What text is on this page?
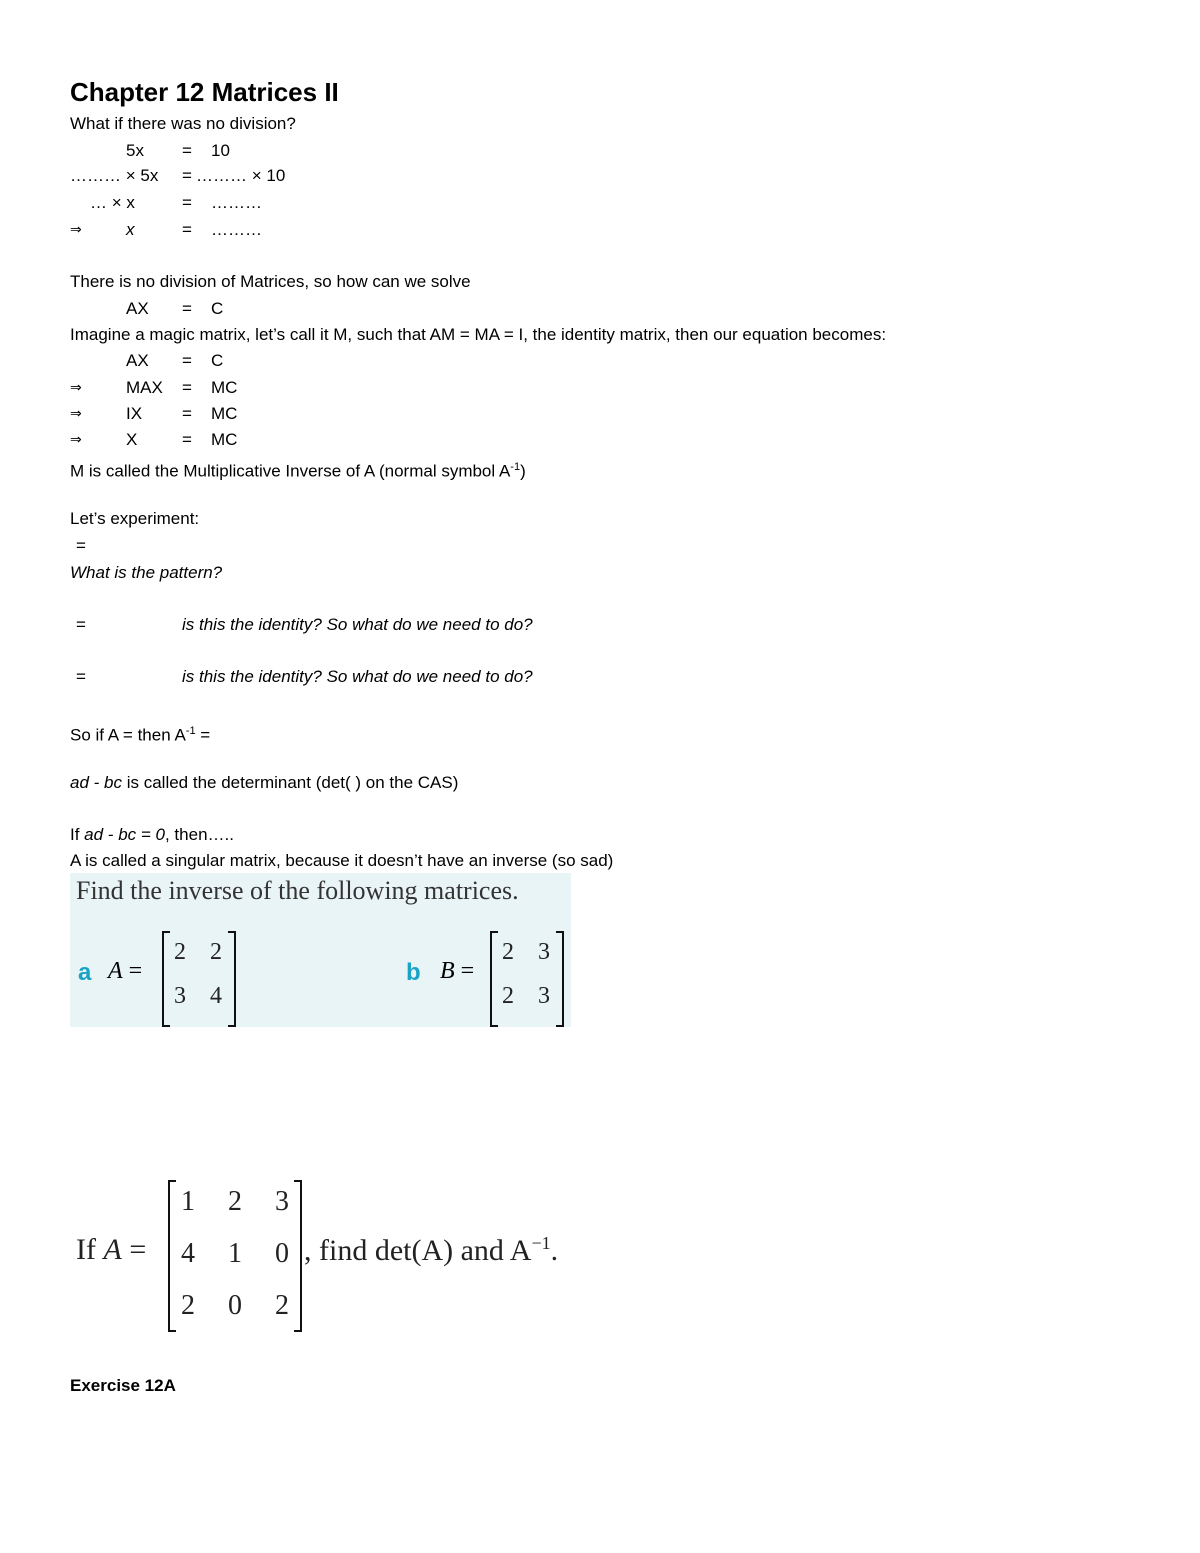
Chapter 12 Matrices II
What if there was no division?
5x = 10
……… × 5x = ……… × 10
… × x	= ………
⇒	x	= ………
There is no division of Matrices, so how can we solve
AX = C
Imagine a magic matrix, let’s call it M, such that AM = MA = I, the identity matrix, then our equation becomes:
AX = C
⇒	MAX = MC
⇒	IX = MC
⇒	X	= MC
M is called the Multiplicative Inverse of A (normal symbol $A^{-1}$)
Let’s experiment:
=
What is the pattern?
=	is this the identity? So what do we need to do?
=	is this the identity? So what do we need to do?
So if A = then $A^{-1}$ =
ad - bc is called the determinant (det( ) on the CAS)
If ad - bc = 0, then…..
A is called a singular matrix, because it doesn’t have an inverse (so sad)
Find the inverse of the following matrices.
a A =
2 2
3 4
b B =
2 3
2 3
If A =
1 2 3
4 1 0
2 0 2
, find det(A) and $A^{-1}$.
Exercise 12A
